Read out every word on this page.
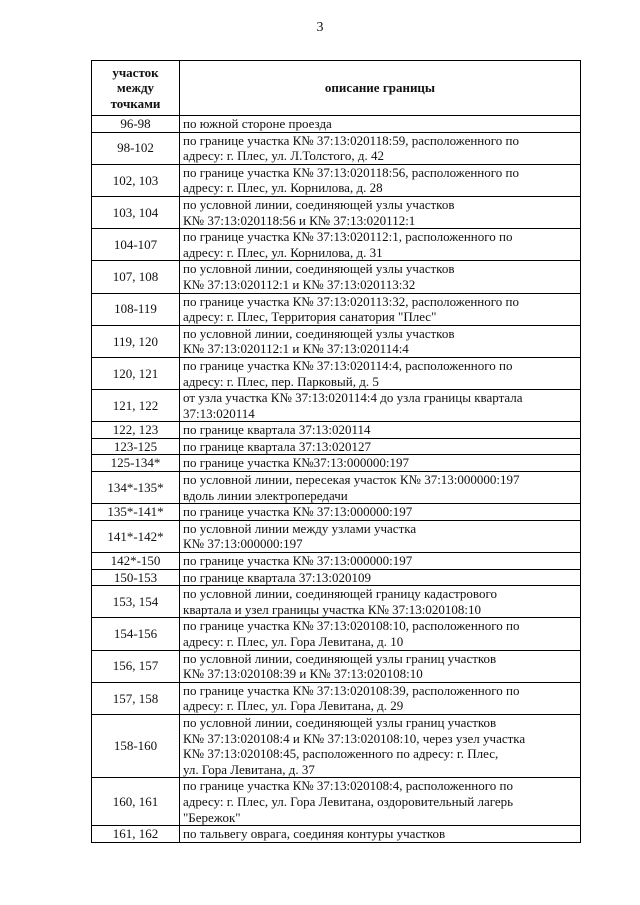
3
участок
между
точками	описание границы
96-98	по южной стороне проезда

98-102	по границе участка К№ 37:13:020118:59, расположенного по
адресу: г. Плес, ул. Л.Толстого, д. 42

102, 103	по границе участка К№ 37:13:020118:56, расположенного по
адресу: г. Плес, ул. Корнилова, д. 28

103, 104	по условной линии, соединяющей узлы участков
К№ 37:13:020118:56 и К№ 37:13:020112:1

104-107	по границе участка К№ 37:13:020112:1, расположенного по
адресу: г. Плес, ул. Корнилова, д. 31

107, 108	по условной линии, соединяющей узлы участков
К№ 37:13:020112:1 и К№ 37:13:020113:32

108-119	по границе участка К№ 37:13:020113:32, расположенного по
адресу: г. Плес, Территория санатория "Плес"

119, 120	по условной линии, соединяющей узлы участков
К№ 37:13:020112:1 и К№ 37:13:020114:4

120, 121	по границе участка К№ 37:13:020114:4, расположенного по
адресу: г. Плес, пер. Парковый, д. 5

121, 122	от узла участка К№ 37:13:020114:4 до узла границы квартала
37:13:020114

122, 123	по границе квартала 37:13:020114

123-125	по границе квартала 37:13:020127

125-134*	по границе участка К№37:13:000000:197

134*-135*	по условной линии, пересекая участок К№ 37:13:000000:197
вдоль линии электропередачи

135*-141*	по границе участка К№ 37:13:000000:197

141*-142*	по условной линии между узлами участка
К№ 37:13:000000:197

142*-150	по границе участка К№ 37:13:000000:197

150-153	по границе квартала 37:13:020109

153, 154	по условной линии, соединяющей границу кадастрового
квартала и узел границы участка К№ 37:13:020108:10

154-156	по границе участка К№ 37:13:020108:10, расположенного по
адресу: г. Плес, ул. Гора Левитана, д. 10

156, 157	по условной линии, соединяющей узлы границ участков
К№ 37:13:020108:39 и К№ 37:13:020108:10

157, 158	по границе участка К№ 37:13:020108:39, расположенного по
адресу: г. Плес, ул. Гора Левитана, д. 29

158-160	по условной линии, соединяющей узлы границ участков
К№ 37:13:020108:4 и К№ 37:13:020108:10, через узел участка
К№ 37:13:020108:45, расположенного по адресу: г. Плес,
ул. Гора Левитана, д. 37

160, 161	по границе участка К№ 37:13:020108:4, расположенного по
адресу: г. Плес, ул. Гора Левитана, оздоровительный лагерь
"Бережок"

161, 162	по тальвегу оврага, соединяя контуры участков
